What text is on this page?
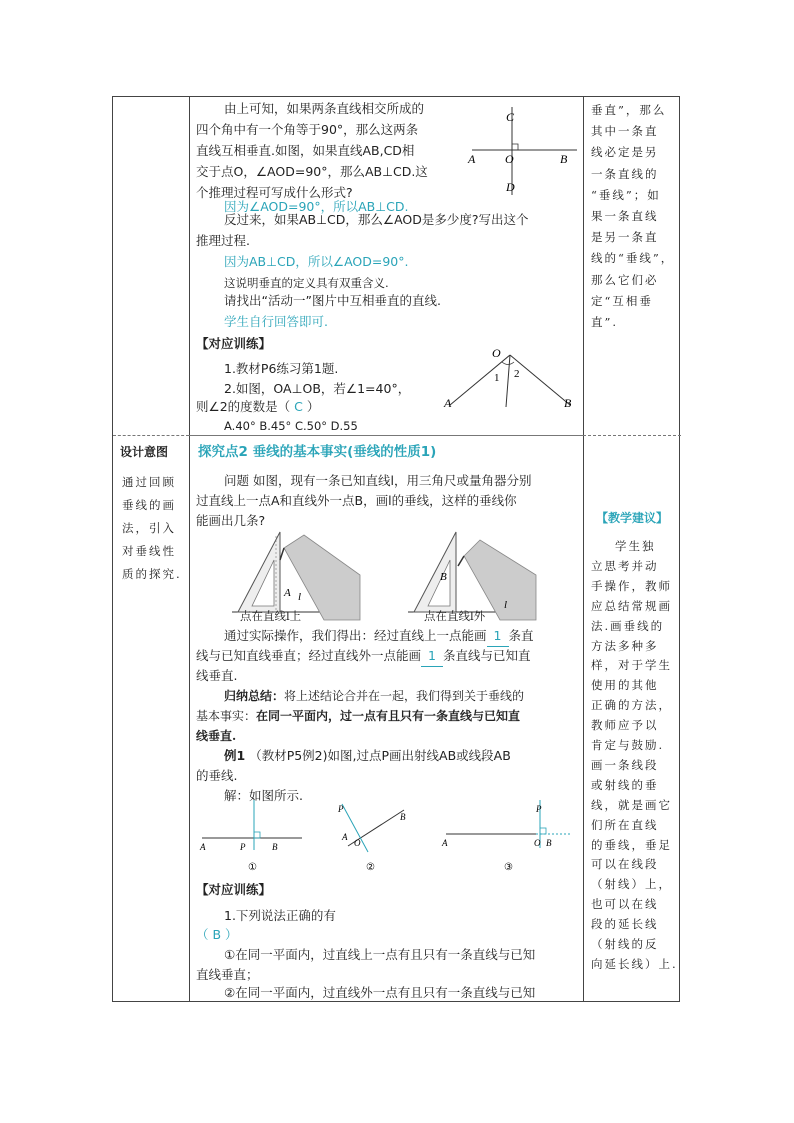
由上可知，如果两条直线相交所成的
四个角中有一个角等于90°，那么这两条
直线互相垂直.如图，如果直线AB,CD相
交于点O，∠AOD=90°，那么AB⊥CD.这
个推理过程可写成什么形式?
因为∠AOD=90°，所以AB⊥CD.
反过来，如果AB⊥CD，那么∠AOD是多少度?写出这个
推理过程.
因为AB⊥CD，所以∠AOD=90°.
这说明垂直的定义具有双重含义.
请找出“活动一”图片中互相垂直的直线.
学生自行回答即可.
【对应训练】
1.教材P6练习第1题.
2.如图，OA⊥OB，若∠1=40°，
则∠2的度数是（ C ）
A.40° B.45° C.50° D.55
C
A O	B
D
O
1 2
A	B
垂直”，那么
其中一条直
线必定是另
一条直线的
“垂线”；如
果一条直线
是另一条直
线的“垂线”，
那么它们必
定“互相垂
直”.
设计意图
通过回顾
垂线的画
法，引入
对垂线性
质的探究.
探究点2 垂线的基本事实(垂线的性质1)
问题 如图，现有一条已知直线l，用三角尺或量角器分别
过直线上一点A和直线外一点B，画l的垂线，这样的垂线你
能画出几条?
A l
B
l
点在直线l上	点在直线l外
通过实际操作，我们得出：经过直线上一点能画 1 条直
线与已知直线垂直；经过直线外一点能画 1 条直线与已知直
线垂直.
归纳总结：将上述结论合并在一起，我们得到关于垂线的
基本事实：在同一平面内，过一点有且只有一条直线与已知直
线垂直.
例1 （教材P5例2)如图,过点P画出射线AB或线段AB
的垂线.
解：如图所示.
A	P	B
①
P
O
B
A
②
A
P
O B
③
【对应训练】
1.下列说法正确的有
（ B ）
①在同一平面内，过直线上一点有且只有一条直线与已知
直线垂直；
②在同一平面内，过直线外一点有且只有一条直线与已知
【教学建议】
学生独
立思考并动
手操作，教师
应总结常规画
法.画垂线的
方法多种多
样，对于学生
使用的其他
正确的方法，
教师应予以
肯定与鼓励.
画一条线段
或射线的垂
线，就是画它
们所在直线
的垂线，垂足
可以在线段
（射线）上，
也可以在线
段的延长线
（射线的反
向延长线）上.
